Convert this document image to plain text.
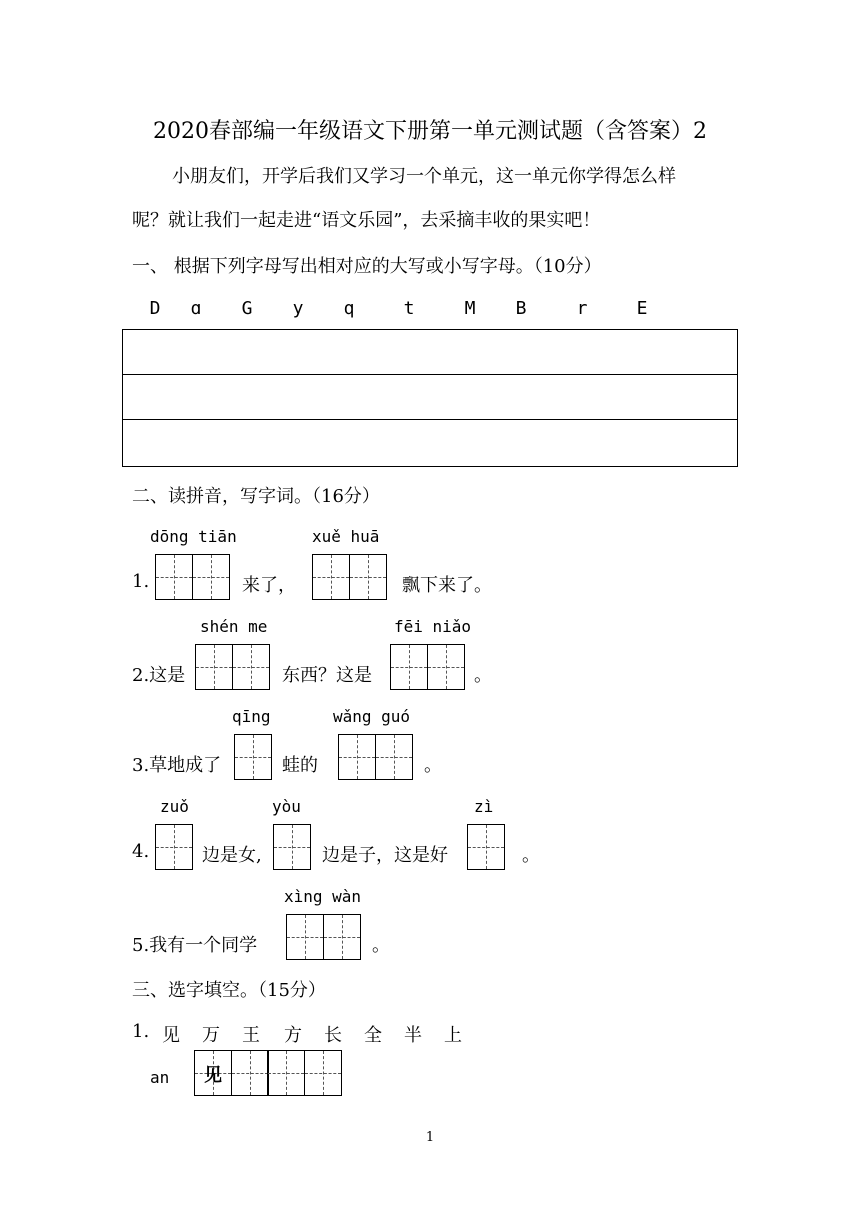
2020春部编一年级语文下册第一单元测试题（含答案）2
小朋友们，开学后我们又学习一个单元，这一单元你学得怎么样
呢？就让我们一起走进“语文乐园”，去采摘丰收的果实吧！
一、 根据下列字母写出相对应的大写或小写字母。（10分）
D	ɑ	G	y	q	t	M	B	r	E
二、读拼音，写字词。（16分）
dōng tiān	xuě huā
1.	来了，	飘下来了。
shén me	fēi niǎo
2.这是	东西？这是	。
qīng	wǎng guó
3.草地成了	蛙的	。
zuǒ	yòu	zì
4.	边是女,	边是子，这是好	。
xìng wàn
5.我有一个同学	。
三、选字填空。（15分）
1. 见 万 王 方 长 全 半 上
an	见
1
